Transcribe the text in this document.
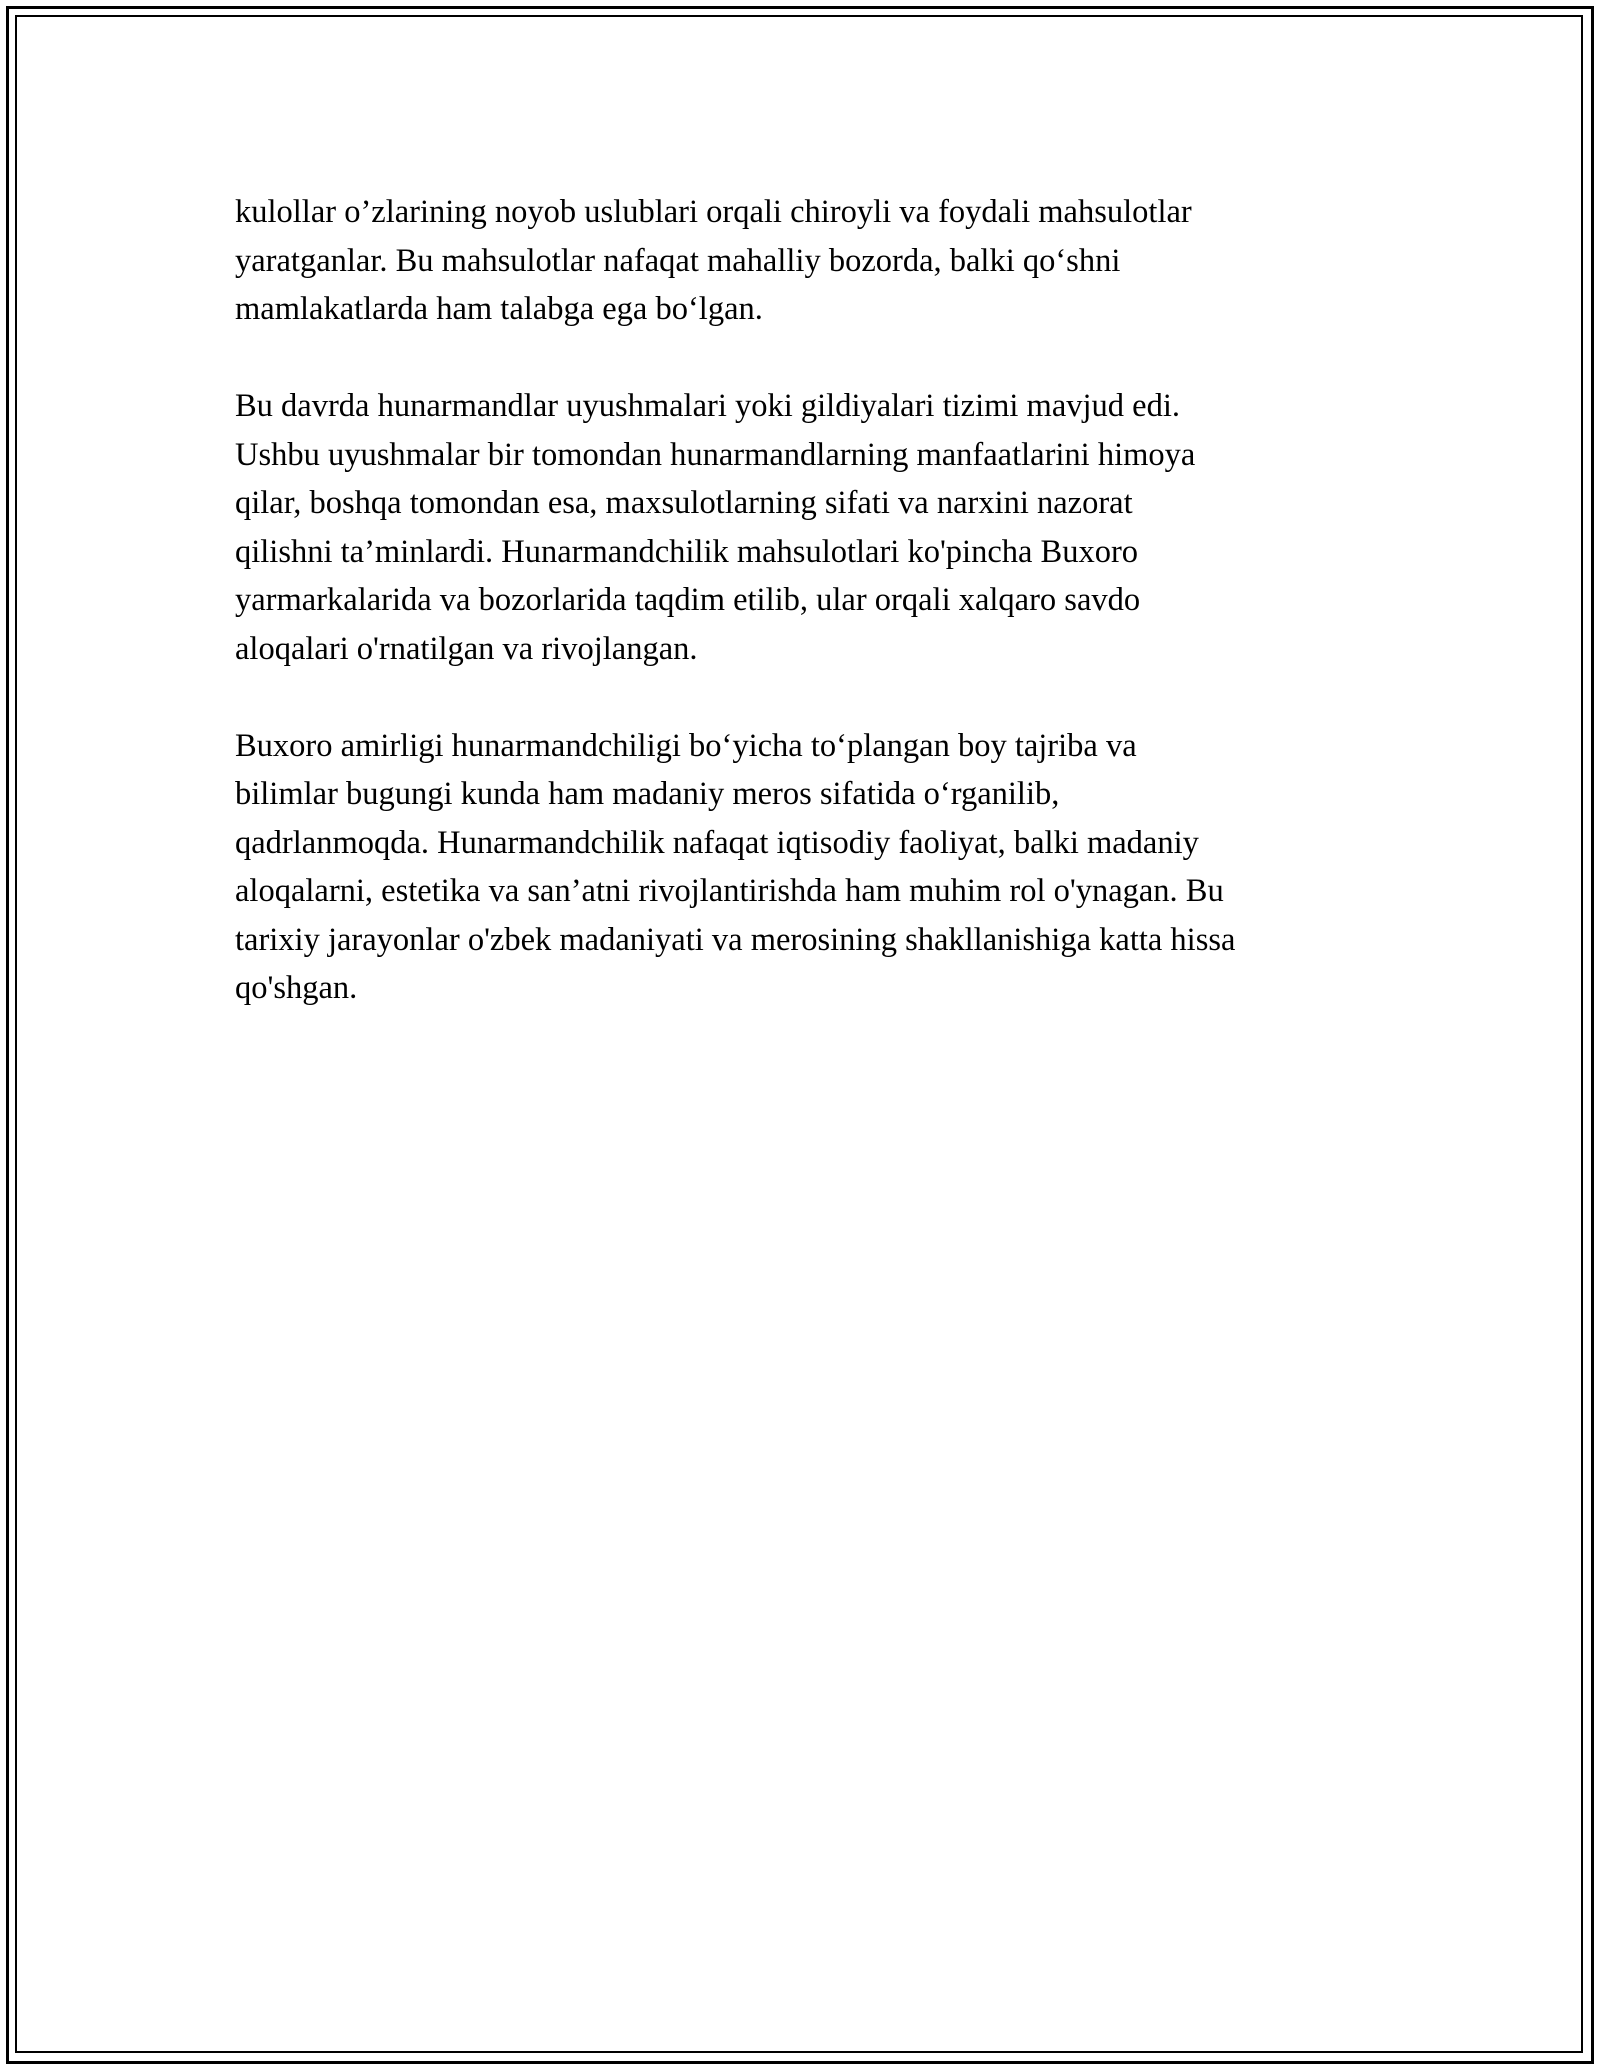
kulollar o’zlarining noyob uslublari orqali chiroyli va foydali mahsulotlar
yaratganlar. Bu mahsulotlar nafaqat mahalliy bozorda, balki qo‘shni
mamlakatlarda ham talabga ega bo‘lgan.

Bu davrda hunarmandlar uyushmalari yoki gildiyalari tizimi mavjud edi.
Ushbu uyushmalar bir tomondan hunarmandlarning manfaatlarini himoya
qilar, boshqa tomondan esa, maxsulotlarning sifati va narxini nazorat
qilishni ta’minlardi. Hunarmandchilik mahsulotlari ko'pincha Buxoro
yarmarkalarida va bozorlarida taqdim etilib, ular orqali xalqaro savdo
aloqalari o'rnatilgan va rivojlangan.

Buxoro amirligi hunarmandchiligi bo‘yicha to‘plangan boy tajriba va
bilimlar bugungi kunda ham madaniy meros sifatida o‘rganilib,
qadrlanmoqda. Hunarmandchilik nafaqat iqtisodiy faoliyat, balki madaniy
aloqalarni, estetika va san’atni rivojlantirishda ham muhim rol o'ynagan. Bu
tarixiy jarayonlar o'zbek madaniyati va merosining shakllanishiga katta hissa
qo'shgan.
